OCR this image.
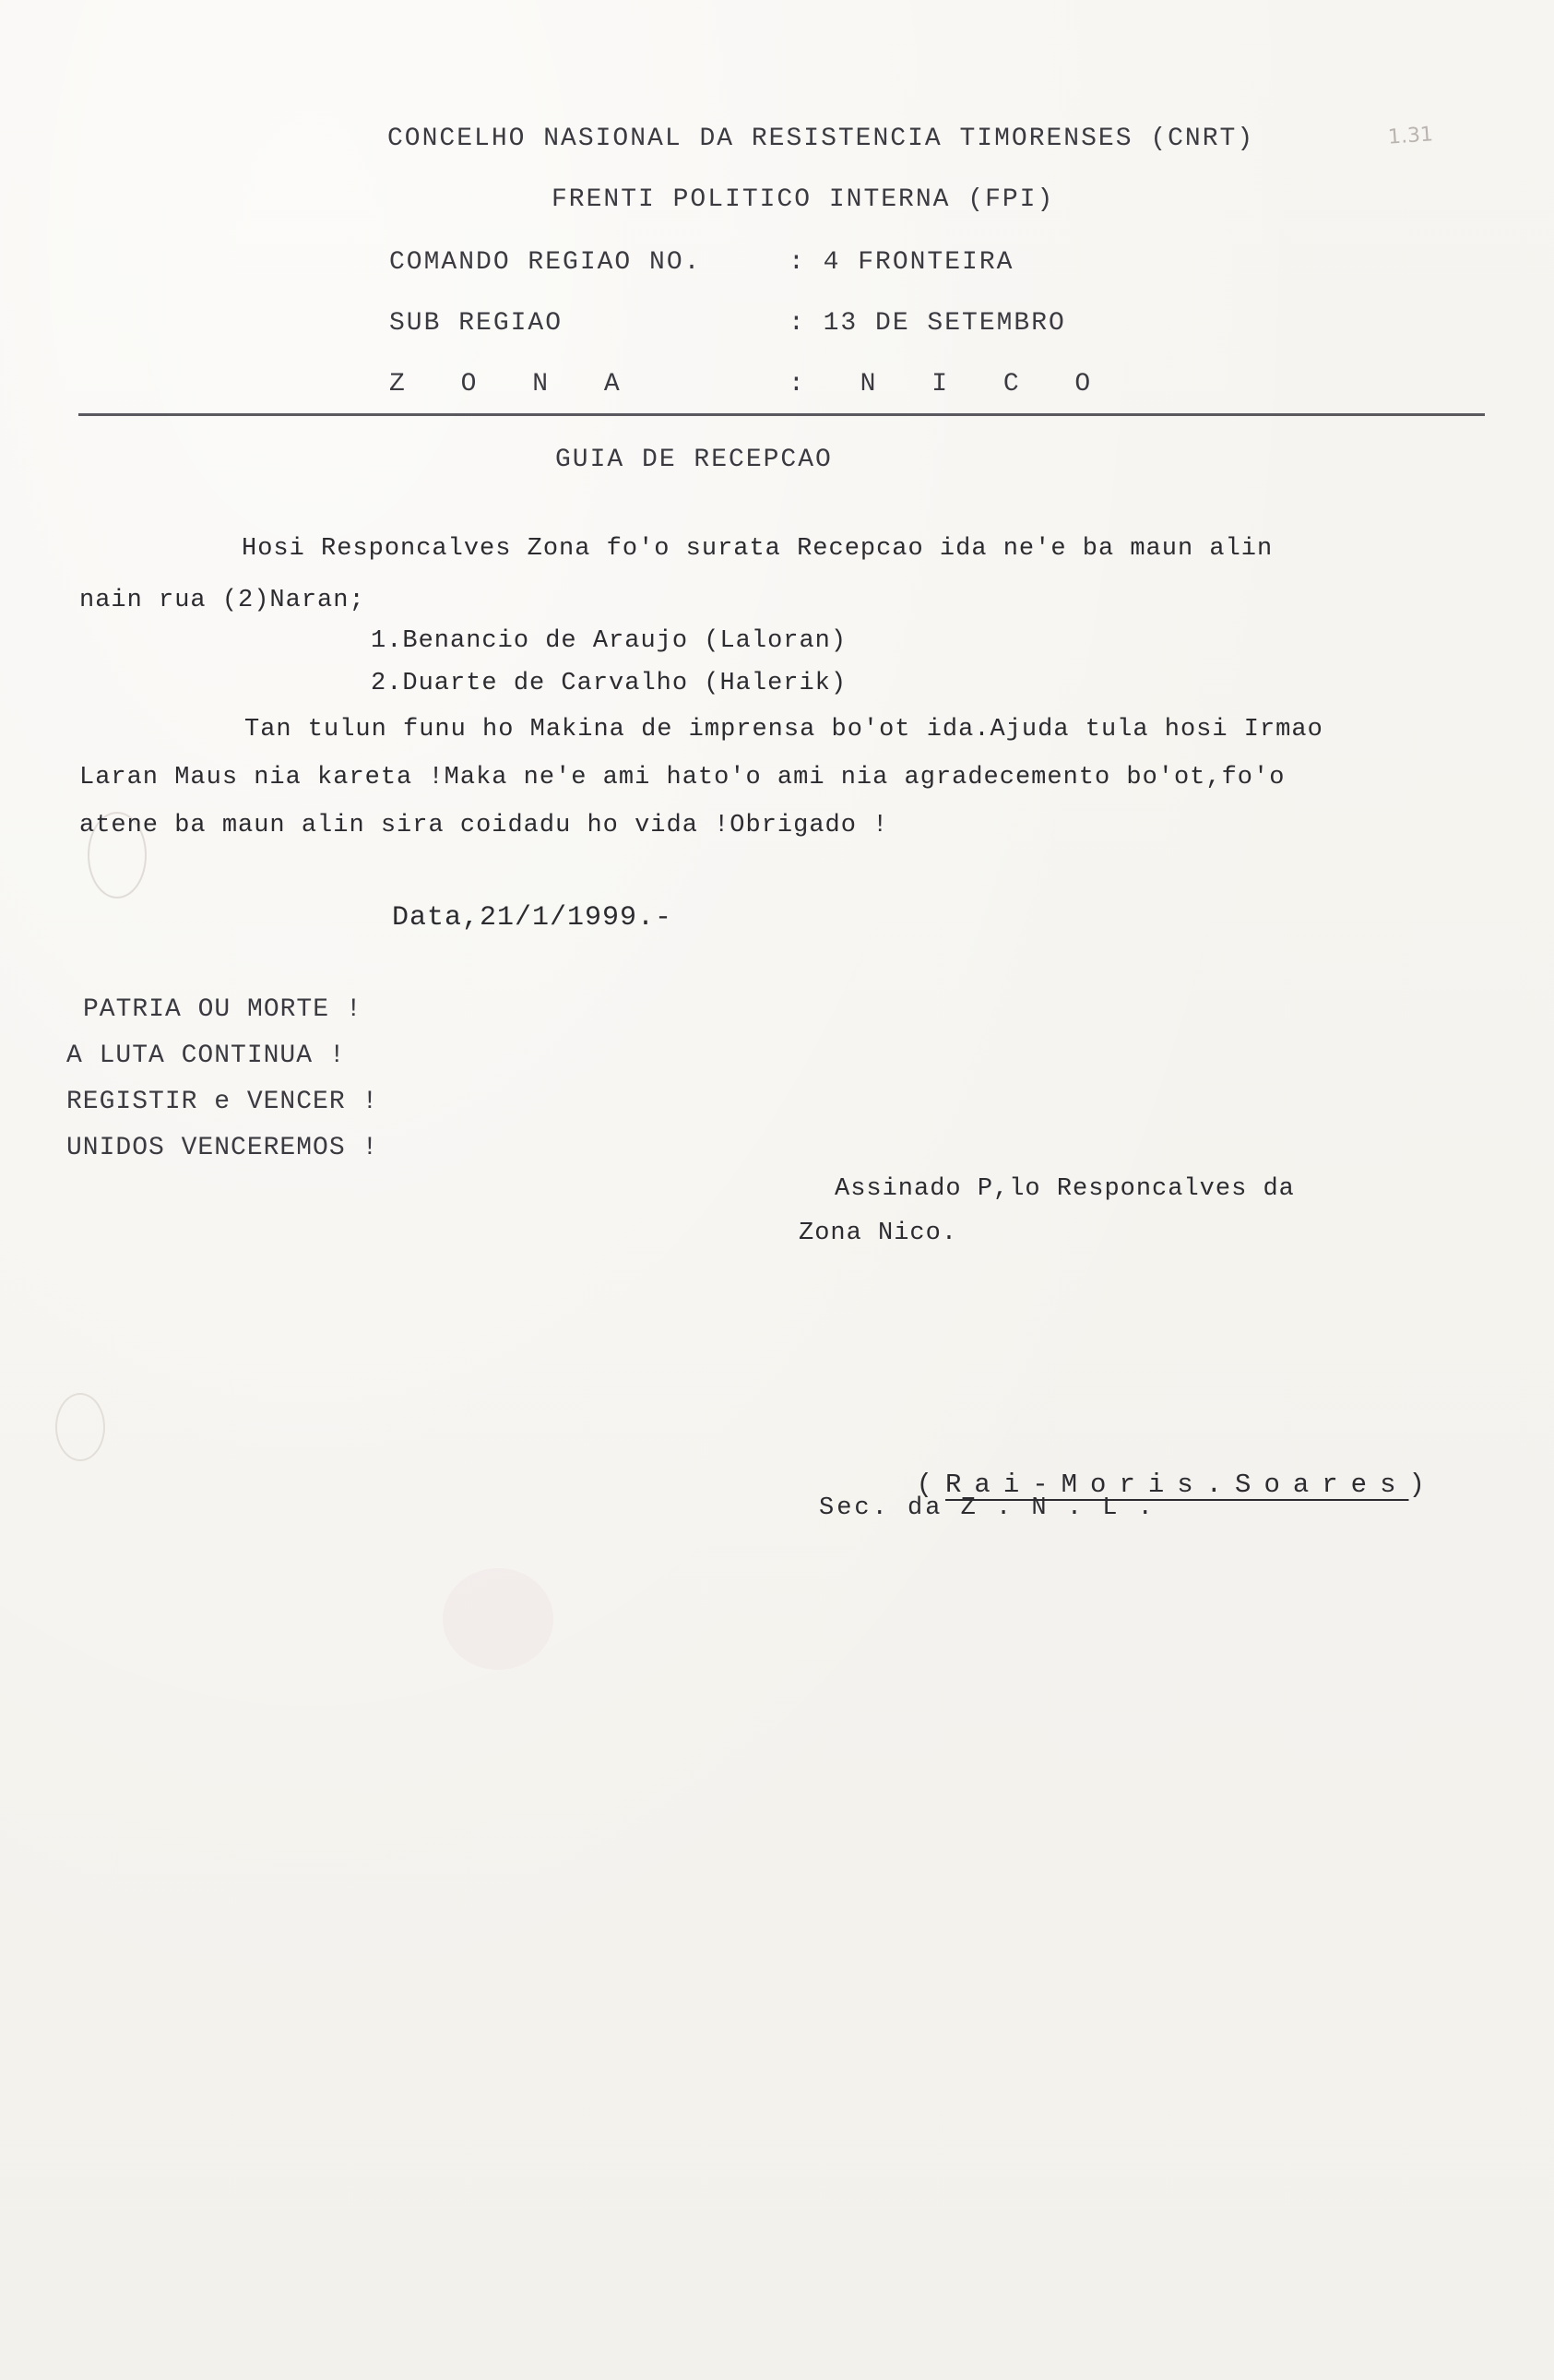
1.31
CONCELHO NASIONAL DA RESISTENCIA TIMORENSES (CNRT)
FRENTI POLITICO INTERNA (FPI)
COMANDO REGIAO NO.	: 4 FRONTEIRA
SUB REGIAO	: 13 DE SETEMBRO
Z O N A	: N I C O
GUIA DE RECEPCAO
Hosi Responcalves Zona fo'o surata Recepcao ida ne'e ba maun alin
nain rua (2)Naran;
1.Benancio de Araujo (Laloran)
2.Duarte de Carvalho (Halerik)
Tan tulun funu ho Makina de imprensa bo'ot ida.Ajuda tula hosi Irmao
Laran Maus nia kareta !Maka ne'e ami hato'o ami nia agradecemento bo'ot,fo'o
atene ba maun alin sira coidadu ho vida !Obrigado !
Data,21/1/1999.-
PATRIA OU MORTE !
A LUTA CONTINUA !
REGISTIR e VENCER !
UNIDOS VENCEREMOS !
Assinado P,lo Responcalves da
Zona Nico.

(Rai-Moris.Soares)

Sec. da Z . N . L .
